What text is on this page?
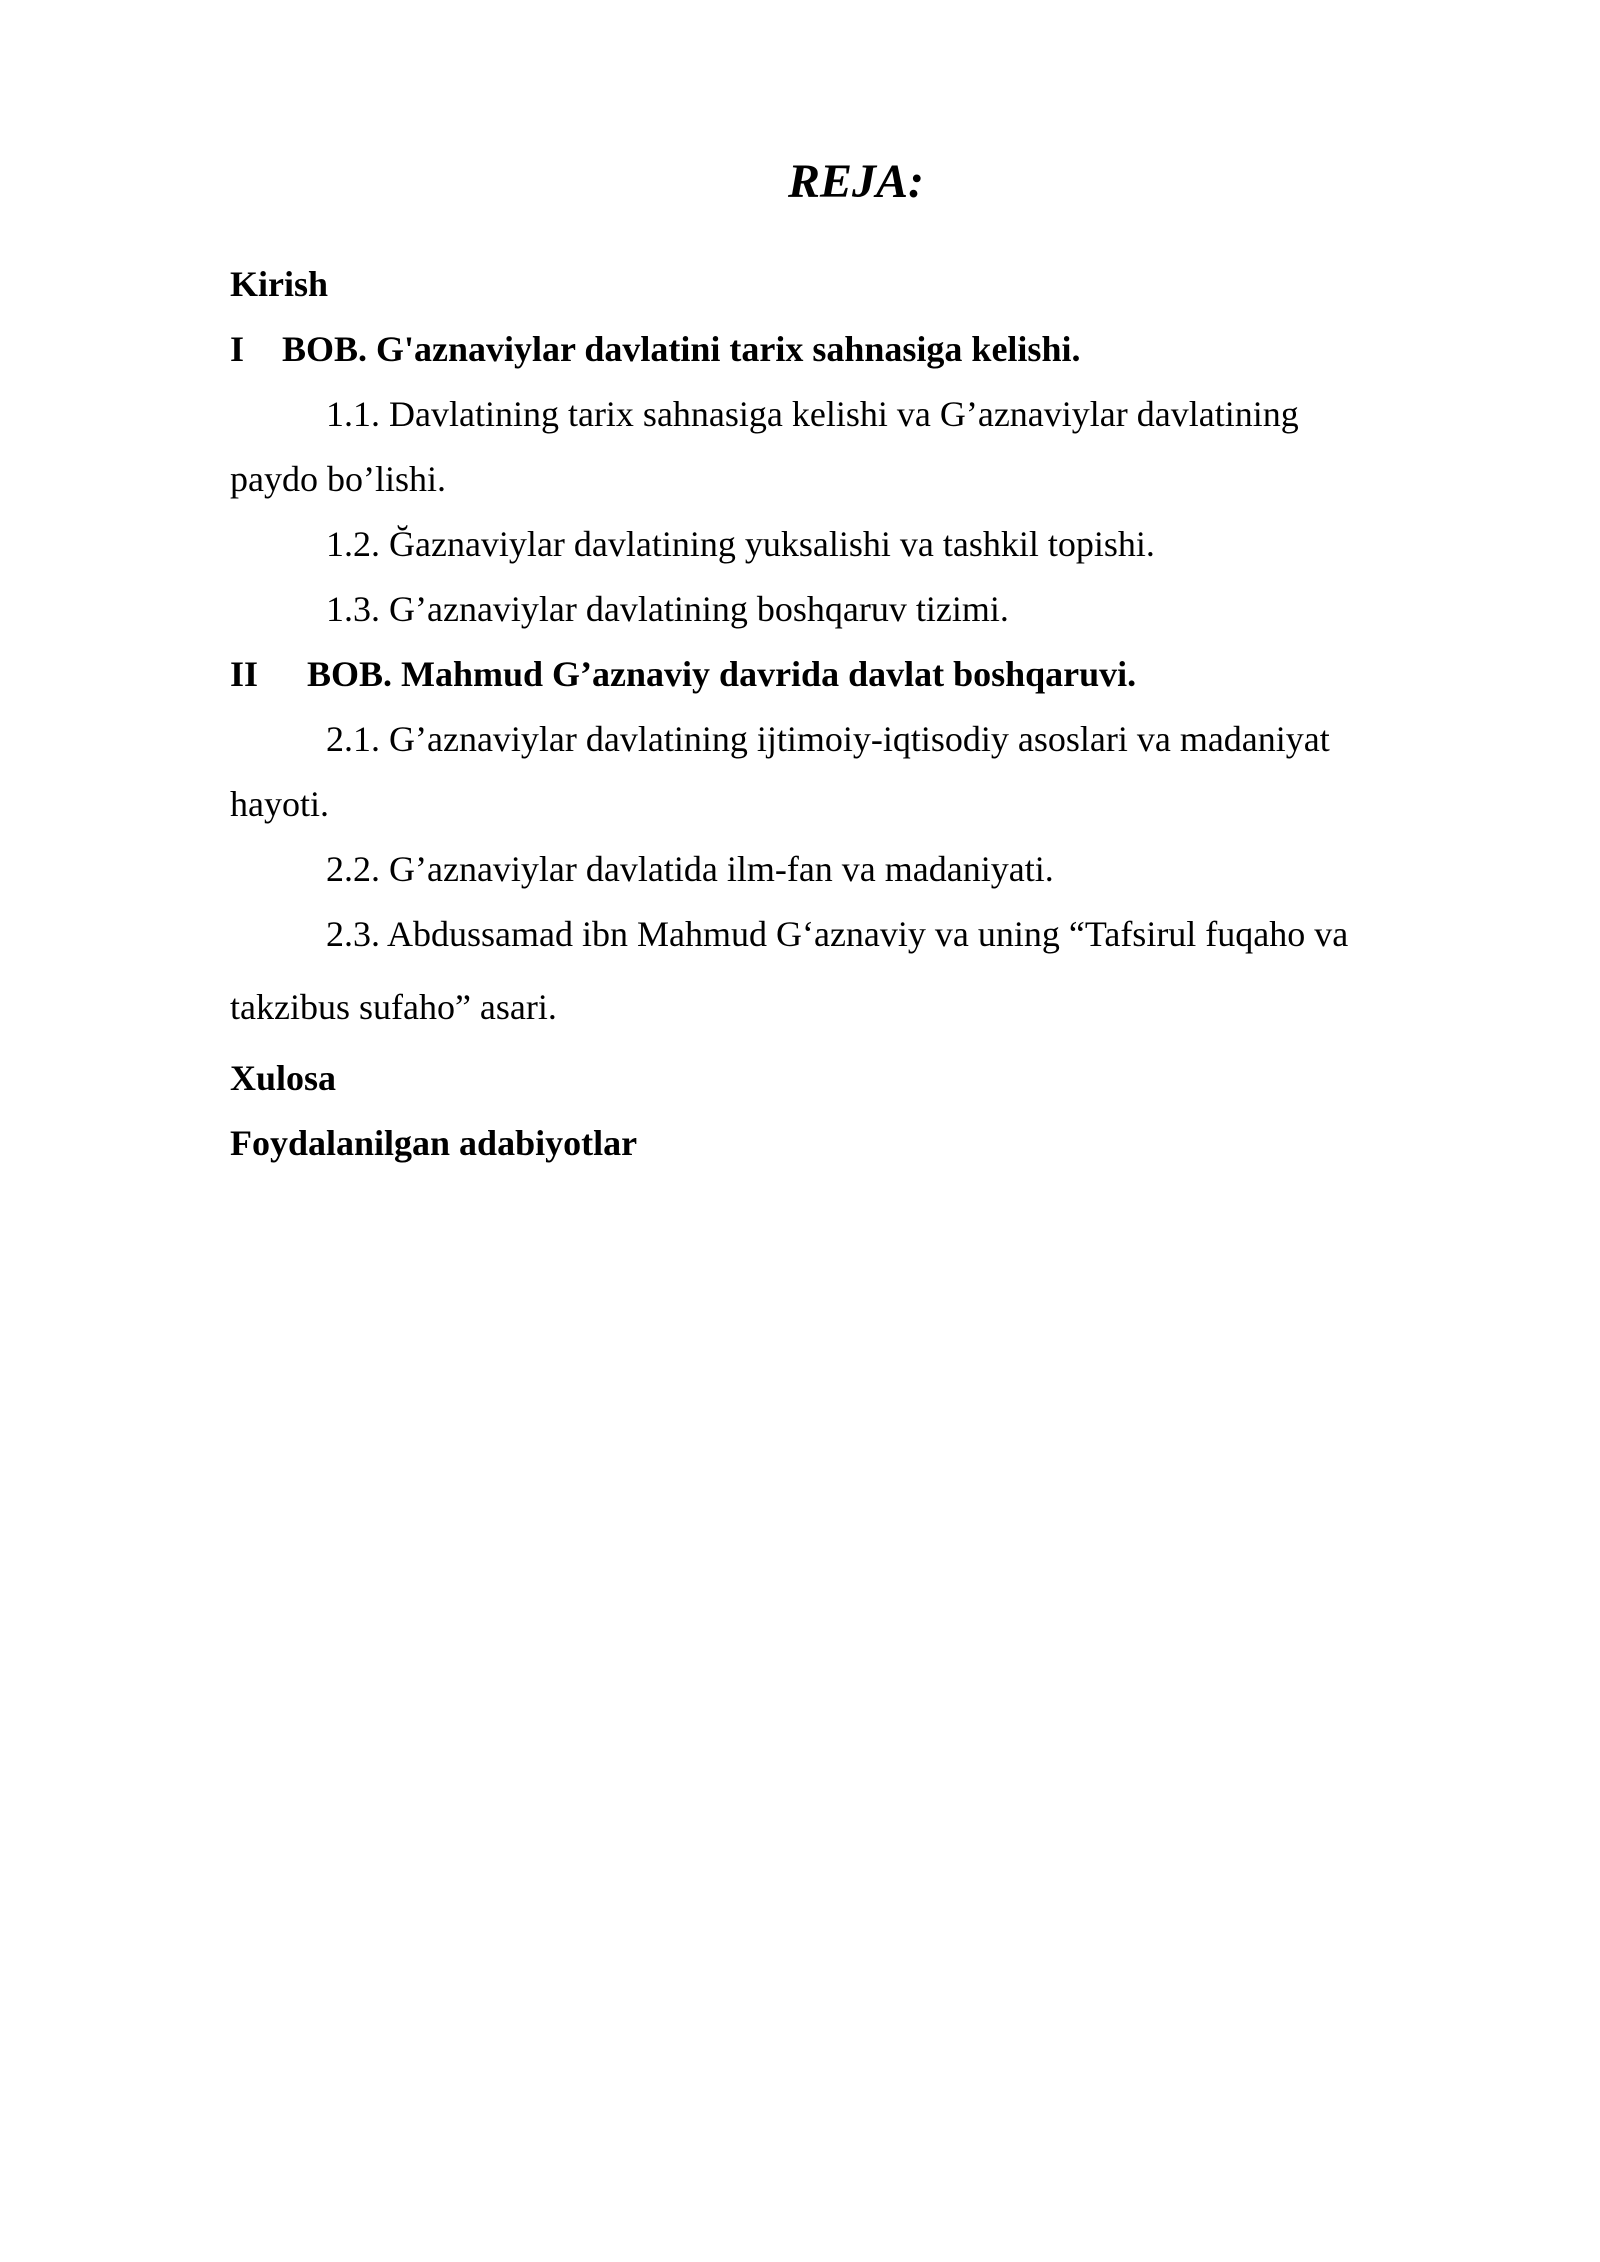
REJA:

Kirish

I BOB. G'aznaviylar davlatini tarix sahnasiga kelishi.

1.1. Davlatining tarix sahnasiga kelishi va G’aznaviylar davlatining

paydo bo’lishi.

1.2. Ğaznaviylar davlatining yuksalishi va tashkil topishi.

1.3. G’aznaviylar davlatining boshqaruv tizimi.

II BOB. Mahmud G’aznaviy davrida davlat boshqaruvi.

2.1. G’aznaviylar davlatining ijtimoiy-iqtisodiy asoslari va madaniyat

hayoti.

2.2. G’aznaviylar davlatida ilm-fan va madaniyati.

2.3. Abdussamad ibn Mahmud G‘aznaviy va uning “Tafsirul fuqaho va

takzibus sufaho” asari.

Xulosa

Foydalanilgan adabiyotlar
